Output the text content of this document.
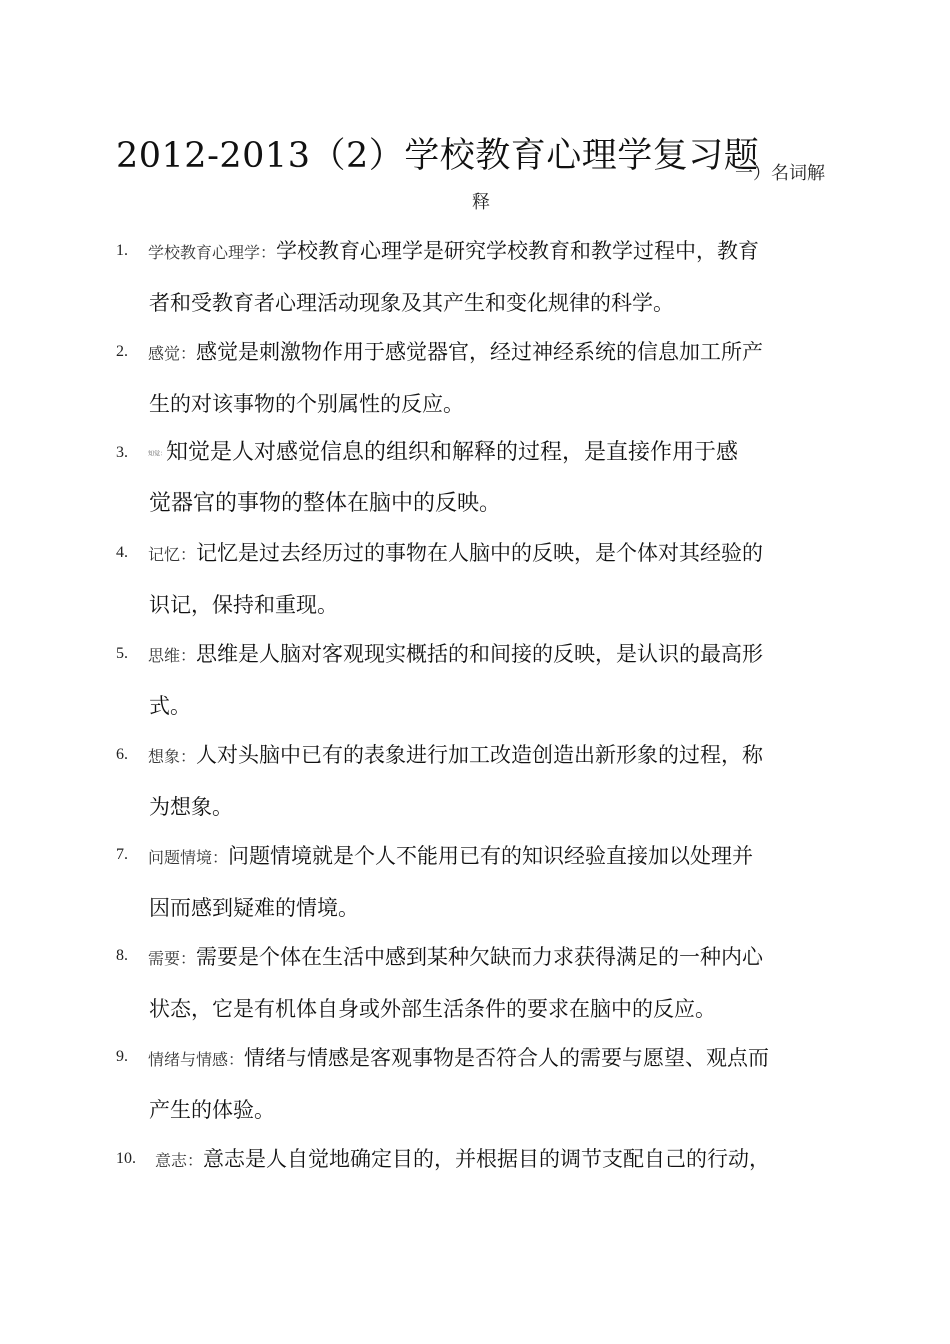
2012-2013（2）学校教育心理学复习题
一）名词解
释
1. 学校教育心理学：学校教育心理学是研究学校教育和教学过程中，教育
者和受教育者心理活动现象及其产生和变化规律的科学。
2. 感觉：感觉是刺激物作用于感觉器官，经过神经系统的信息加工所产
生的对该事物的个别属性的反应。
3.	知觉：知觉是人对感觉信息的组织和解释的过程，是直接作用于感
觉器官的事物的整体在脑中的反映。
4. 记忆：记忆是过去经历过的事物在人脑中的反映，是个体对其经验的
识记，保持和重现。
5. 思维：思维是人脑对客观现实概括的和间接的反映，是认识的最高形
式。
6. 想象：人对头脑中已有的表象进行加工改造创造出新形象的过程，称
为想象。
7. 问题情境：问题情境就是个人不能用已有的知识经验直接加以处理并
因而感到疑难的情境。
8. 需要：需要是个体在生活中感到某种欠缺而力求获得满足的一种内心
状态，它是有机体自身或外部生活条件的要求在脑中的反应。
9. 情绪与情感：情绪与情感是客观事物是否符合人的需要与愿望、观点而
产生的体验。
10. 意志：意志是人自觉地确定目的，并根据目的调节支配自己的行动，
